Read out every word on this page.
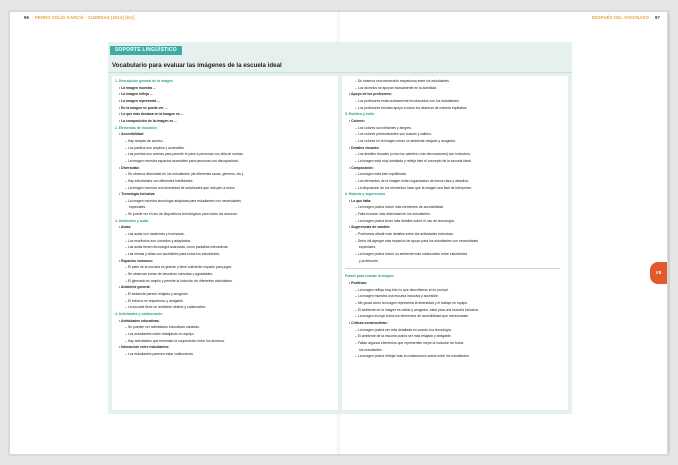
96 PEDRO SOLÍS GARCÍA · CUERDAS (2014) [EA]	DESPUÉS DEL VISIONADO 97
SOPORTE LINGÜÍSTICO
Vocabulario para evaluar las imágenes de la escuela ideal

1. Descripción general de la imagen

• La imagen muestra ...

• La imagen refleja ...

• La imagen representa ...

• En la imagen se puede ver ...

• Lo que más destaca en la imagen es ...

• La composición de la imagen es ...

2. Elementos de inclusión

• Accesibilidad:

– Hay rampas de acceso.

– Los pasillos son amplios y accesibles.

– Las puertas son anchas para permitir el paso a personas con silla de ruedas.

– La imagen muestra espacios accesibles para personas con discapacidad.

• Diversidad:

– Se observa diversidad en los estudiantes (de diferentes razas, géneros, etc.).

– Hay estudiantes con diferentes habilidades.

– La imagen muestra una diversidad de actividades que incluyen a todos.

• Tecnología inclusiva:

– La imagen muestra tecnología adaptada para estudiantes con necesidades

especiales.

– Se puede ver el uso de dispositivos tecnológicos para todos los alumnos.

3. Ambientes y aulas

• Aulas:

– Las aulas son modernas y luminosas.

– Los escritorios son cómodos y adaptados.

– Las aulas tienen tecnología avanzada, como pantallas interactivas.

– Las mesas y sillas son accesibles para todos los estudiantes.

• Espacios comunes:

– El patio de la escuela es grande y tiene suficiente espacio para jugar.

– Se observan zonas de descanso cómodas y agradables.

– El gimnasio es amplio y permite la inclusión de diferentes actividades.

• Ambiente general:

– El ambiente parece relajado y acogedor.

– El entorno es respetuoso y amigable.

– La escuela tiene un ambiente abierto y colaborativo.

4. Actividades y colaboración

• Actividades educativas:

– Se pueden ver actividades educativas variadas.

– Los estudiantes están trabajando en equipo.

– Hay actividades que fomentan la cooperación entre los alumnos.

• Interacción entre estudiantes:

– Los estudiantes parecen estar colaborando.

– Se observa una interacción respetuosa entre los estudiantes.

– Los alumnos se apoyan mutuamente en la actividad.

• Apoyo de los profesores:

– Los profesores están activamente involucrados con los estudiantes.

– Los profesores brindan apoyo a todos los alumnos de manera equitativa.

5. Estética y estilo

• Colores:

– Los colores son brillantes y alegres.

– Los colores predominantes son suaves y cálidos.

– Los colores en la imagen crean un ambiente relajado y acogedor.

• Detalles visuales:

– Los detalles visuales (como los carteles o las decoraciones) son inclusivos.

– La imagen está muy detallada y refleja bien el concepto de la escuela ideal.

• Composición:

– La imagen está bien equilibrada.

– Los elementos de la imagen están organizados de forma clara y atractiva.

– La disposición de los elementos hace que la imagen sea fácil de interpretar.

6. Mejoras y sugerencias

• Lo que falta:

– La imagen podría incluir más elementos de accesibilidad.

– Falta mostrar más diversidad en los estudiantes.

– La imagen podría tener más detalles sobre el uso de tecnología.

• Sugerencias de cambio:

– Podríamos añadir más detalles sobre las actividades inclusivas.

– Sería útil agregar más espacios de apoyo para los estudiantes con necesidades

especiales.

– La imagen podría incluir un ambiente más colaborativo entre estudiantes

y profesores.

Frases para evaluar la imagen:

• Positivas:

– La imagen refleja muy bien lo que describimos en tu prompt.

– La imagen muestra una escuela inclusiva y accesible.

– Me gusta cómo la imagen representa la diversidad y el trabajo en equipo.

– El ambiente en la imagen es cálido y acogedor, ideal para una escuela inclusiva.

– La imagen incluye todos los elementos de accesibilidad que mencionaste.

• Críticas constructivas:

– La imagen podría ser más detallada en cuanto a la tecnología.

– El ambiente de la escuela podría ser más relajado y amigable.

– Faltan algunos elementos que representen mejor la inclusión de todos

los estudiantes.

– La imagen podría reflejar más la colaboración activa entre los estudiantes.

VII
